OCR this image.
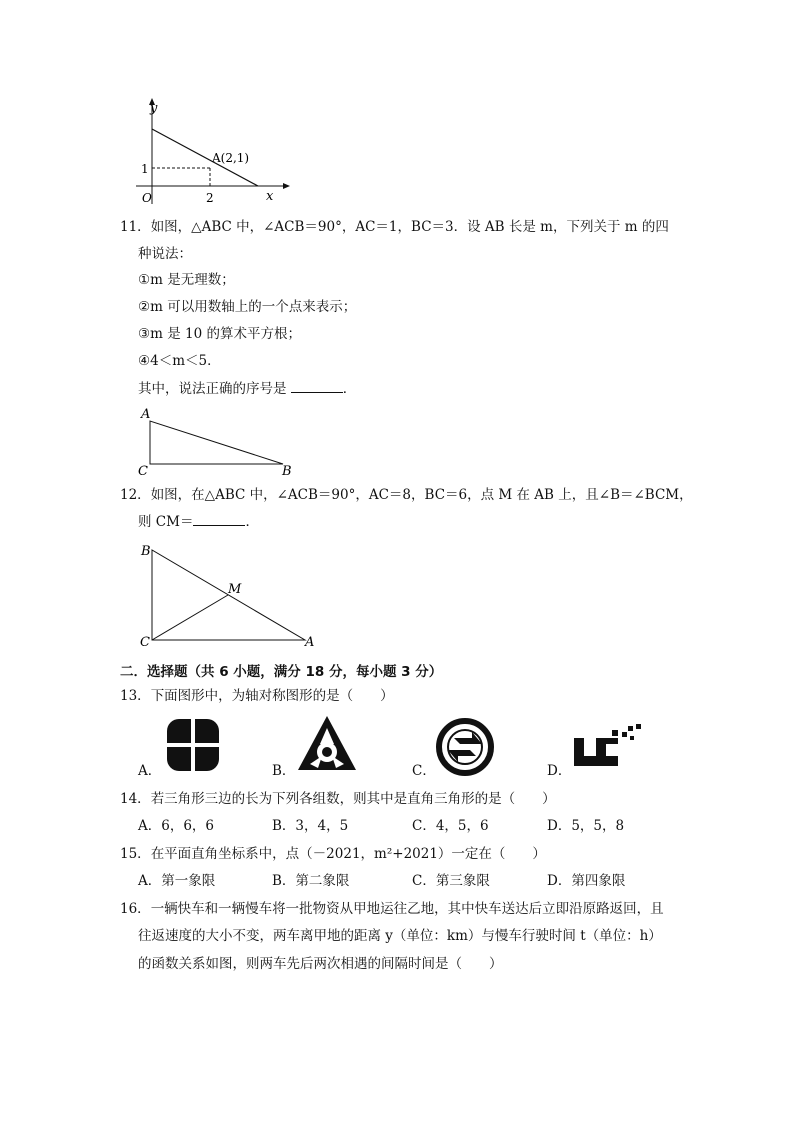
y
x
O
1
2
A(2,1)
11．如图，△ABC 中，∠ACB＝90°，AC＝1，BC＝3．设 AB 长是 m，下列关于 m 的四
种说法：
①m 是无理数；
②m 可以用数轴上的一个点来表示；
③m 是 10 的算术平方根；
④4＜m＜5．
其中，说法正确的序号是	．
A
C	B
12．如图，在△ABC 中，∠ACB＝90°，AC＝8，BC＝6，点 M 在 AB 上，且∠B＝∠BCM，
则 CM＝	．
B
M
C	A
二．选择题（共 6 小题，满分 18 分，每小题 3 分）
13．下面图形中，为轴对称图形的是（　　）
A．	B．	C．	D．
14．若三角形三边的长为下列各组数，则其中是直角三角形的是（　　）
A．6，6，6	B．3，4，5	C．4，5，6	D．5，5，8
15．在平面直角坐标系中，点（－2021，m²+2021）一定在（　　）
A．第一象限	B．第二象限	C．第三象限	D．第四象限
16．一辆快车和一辆慢车将一批物资从甲地运往乙地，其中快车送达后立即沿原路返回，且
往返速度的大小不变，两车离甲地的距离 y（单位：km）与慢车行驶时间 t（单位：h）
的函数关系如图，则两车先后两次相遇的间隔时间是（　　）
